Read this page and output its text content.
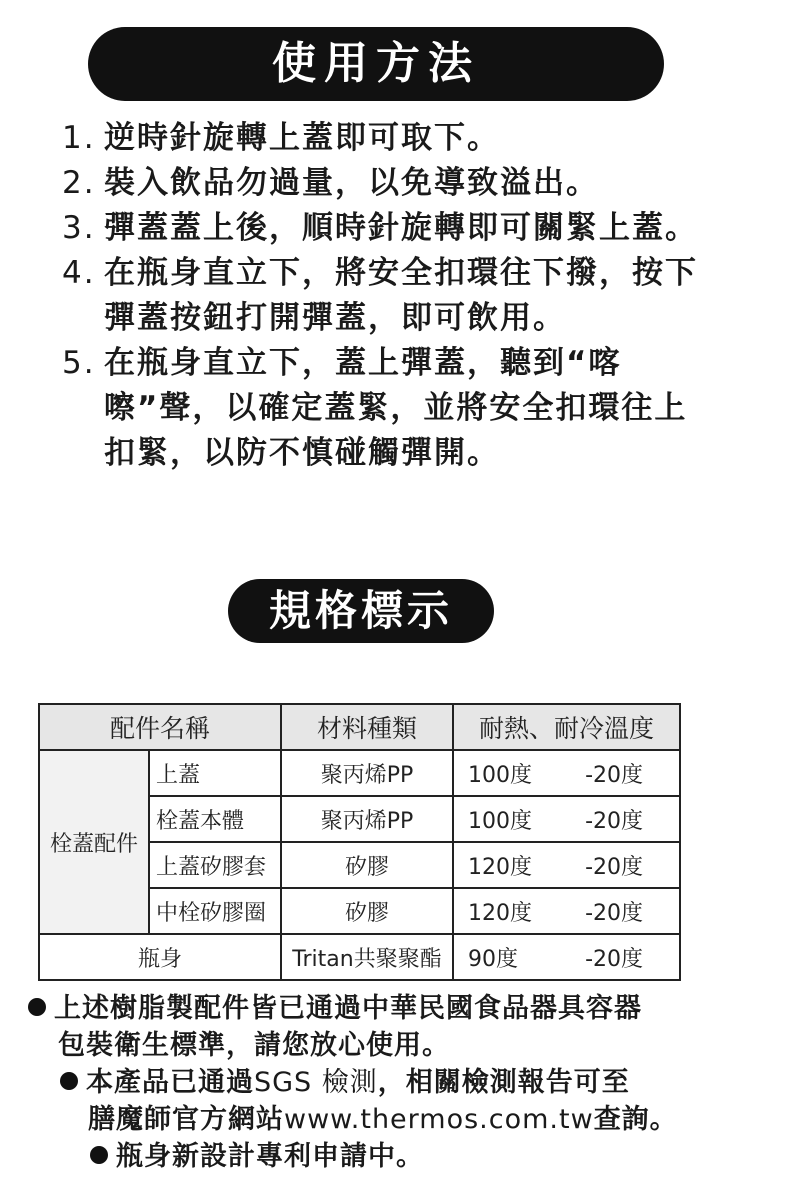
使用方法
1. 逆時針旋轉上蓋即可取下。
2. 裝入飲品勿過量，以免導致溢出。
3. 彈蓋蓋上後，順時針旋轉即可關緊上蓋。
4. 在瓶身直立下，將安全扣環往下撥，按下彈蓋按鈕打開彈蓋，即可飲用。
5. 在瓶身直立下，蓋上彈蓋，聽到“喀嚓”聲，以確定蓋緊，並將安全扣環往上扣緊，以防不慎碰觸彈開。
規格標示
配件名稱		材料種類	耐熱、耐冷溫度
栓蓋配件	上蓋	聚丙烯PP	100度 -20度

	栓蓋本體	聚丙烯PP	100度 -20度

	上蓋矽膠套	矽膠	120度 -20度

	中栓矽膠圈	矽膠	120度 -20度

瓶身		Tritan共聚聚酯	90度 -20度
上述樹脂製配件皆已通過中華民國食品器具容器
包裝衛生標準，請您放心使用。
本產品已通過SGS 檢測，相關檢測報告可至
膳魔師官方網站www.thermos.com.tw查詢。
瓶身新設計專利申請中。
